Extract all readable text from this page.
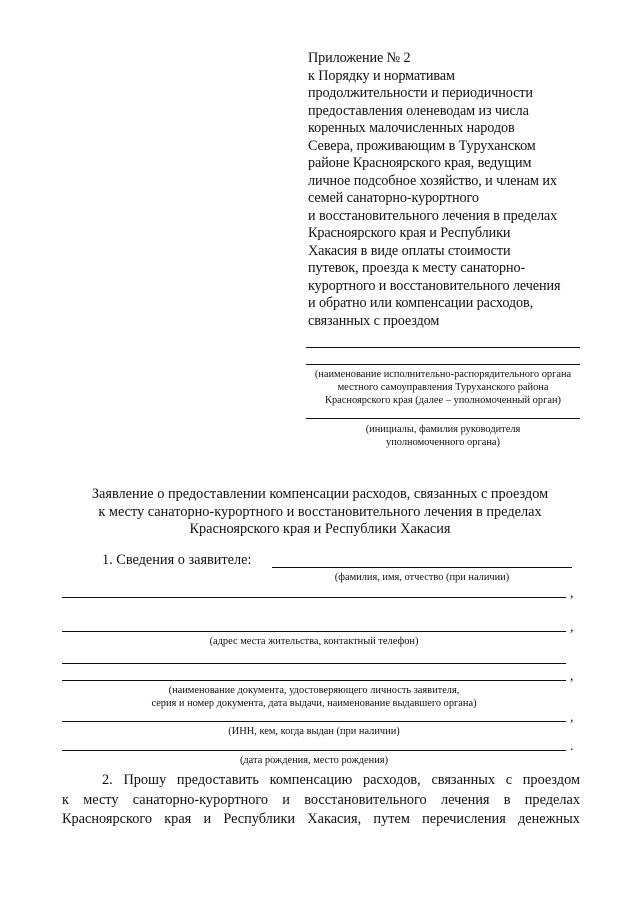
Приложение № 2
к Порядку и нормативам
продолжительности и периодичности
предоставления оленеводам из числа
коренных малочисленных народов
Севера, проживающим в Туруханском
районе Красноярского края, ведущим
личное подсобное хозяйство, и членам их
семей санаторно-курортного
и восстановительного лечения в пределах
Красноярского края и Республики
Хакасия в виде оплаты стоимости
путевок, проезда к месту санаторно-
курортного и восстановительного лечения
и обратно или компенсации расходов,
связанных с проездом
(наименование исполнительно-распорядительного органа
местного самоуправления Туруханского района
Красноярского края (далее – уполномоченный орган)
(инициалы, фамилия руководителя
уполномоченного органа)
Заявление о предоставлении компенсации расходов, связанных с проездом
к месту санаторно-курортного и восстановительного лечения в пределах
Красноярского края и Республики Хакасия
1. Сведения о заявителе:
(фамилия, имя, отчество (при наличии)
,
,
(адрес места жительства, контактный телефон)
,
(наименование документа, удостоверяющего личность заявителя,
серия и номер документа, дата выдачи, наименование выдавшего органа)
,
(ИНН, кем, когда выдан (при наличии)
.
(дата рождения, место рождения)
2. Прошу предоставить компенсацию расходов, связанных с проездом
к месту санаторно-курортного и восстановительного лечения в пределах
Красноярского края и Республики Хакасия, путем перечисления денежных
